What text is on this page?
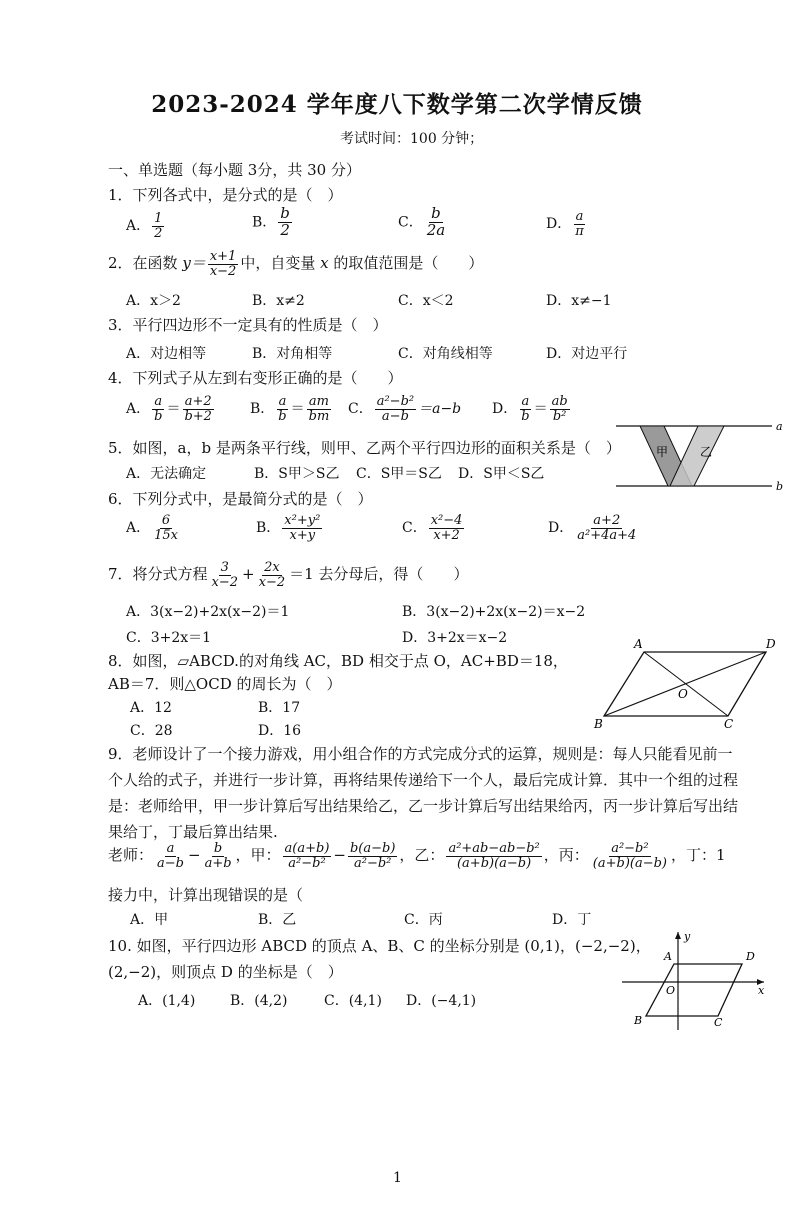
2023-2024 学年度八下数学第二次学情反馈
考试时间：100 分钟；
一、单选题（每小题 3分，共 30 分）
1．下列各式中，是分式的是（　）
A． $\frac{1}{2}$	B． $\frac{b}{2}$	C． $\frac{b}{2a}$	D． $\frac{a}{\pi}$
2．在函数 $y= \frac{x+1}{x-2}$ 中，自变量 x 的取值范围是（　　）
A．x＞2	B．x≠2	C．x＜2	D．x≠−1
3．平行四边形不一定具有的性质是（　）
A．对边相等	B．对角相等	C．对角线相等	D．对边平行
4．下列式子从左到右变形正确的是（　　）
A． $\frac{a}{b} = \frac{a+2}{b+2}$	B． $\frac{a}{b} = \frac{am}{bm}$ C． $\frac{\text{a²−b²}}{a-b} =a-b$ D． $\frac{a}{b} = \frac{ab}{\text{b²}}$
5．如图，a，b 是两条平行线，则甲、乙两个平行四边形的面积关系是（　）
A．无法确定	B．S甲＞S乙 C．S甲＝S乙 D．S甲＜S乙
甲	乙
a
b
6．下列分式中，是最简分式的是（　）
A． $\frac{6}{15x}$	B． $\frac{\text{x²+y²}}{x+y}$	C． $\frac{\text{x²−4}}{x+2}$	D． $\frac{a+2}{\text{a²+4a+4}}$
7．将分式方程 $\frac{3}{x-2} + \frac{2x}{x-2} =1$ 去分母后，得（　　）
A．3(x−2)+2x(x−2)＝1	B．3(x−2)+2x(x−2)＝x−2
C．3+2x＝1	D．3+2x＝x−2
8．如图，▱ABCD.的对角线 AC，BD 相交于点 O，AC+BD＝18，
AB＝7．则△OCD 的周长为（　）
A．12	B．17
C．28	D．16
A	D
B	C
O
9．老师设计了一个接力游戏，用小组合作的方式完成分式的运算，规则是：每人只能看见前一
个人给的式子，并进行一步计算，再将结果传递给下一个人，最后完成计算．其中一个组的过程
是：老师给甲，甲一步计算后写出结果给乙，乙一步计算后写出结果给丙，丙一步计算后写出结
果给丁，丁最后算出结果.
老师： $\frac{a}{a-b} - \frac{b}{a+b}$ ，甲： $\frac{a(a+b)}{\text{a²−b²}} - \frac{b(a-b)}{\text{a²−b²}}$ ，乙： $\frac{\text{a²+ab−ab−b²}}{(a+b)(a-b)}$ ，丙： $\frac{\text{a²−b²}}{(a+b)(a-b)}$ ，丁：1
接力中，计算出现错误的是（
A．甲	B．乙	C．丙	D．丁
10. 如图，平行四边形 ABCD 的顶点 A、B、C 的坐标分别是 (0,1)，(−2,−2)，
(2,−2)，则顶点 D 的坐标是（　）
A．(1,4) B．(4,2)	C．(4,1) D．(−4,1)
y
x
A	D
O
B	C
1
